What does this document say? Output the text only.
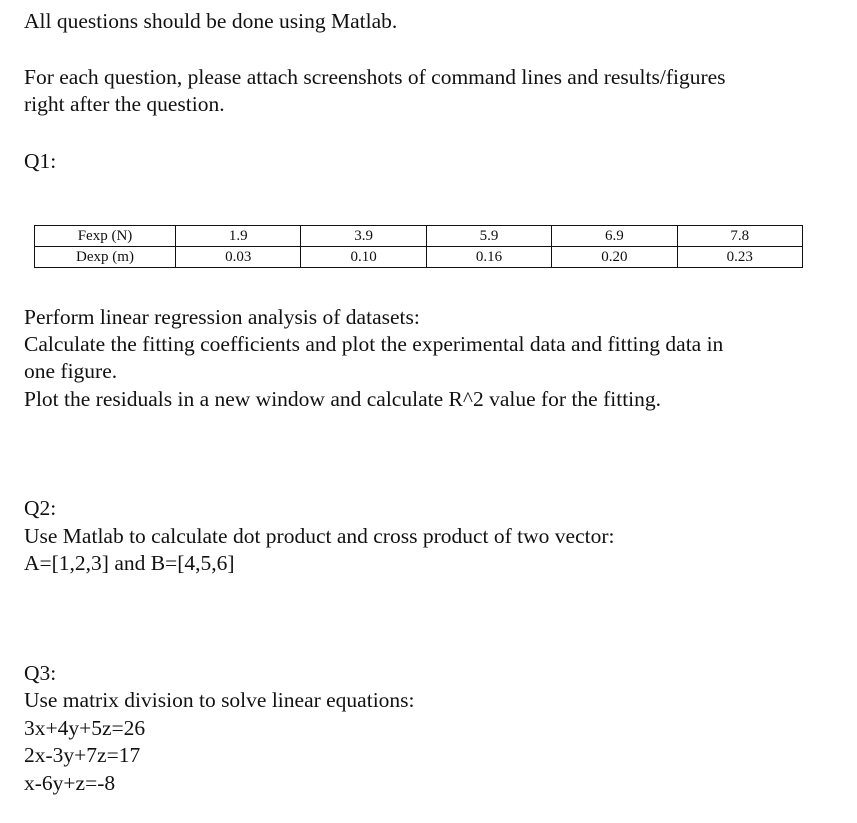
All questions should be done using Matlab.
For each question, please attach screenshots of command lines and results/figures
right after the question.
Q1:
Fexp (N)	1.9	3.9	5.9	6.9	7.8
Dexp (m)	0.03	0.10	0.16	0.20	0.23
Perform linear regression analysis of datasets:
Calculate the fitting coefficients and plot the experimental data and fitting data in
one figure.
Plot the residuals in a new window and calculate R^2 value for the fitting.
Q2:
Use Matlab to calculate dot product and cross product of two vector:
A=[1,2,3] and B=[4,5,6]
Q3:
Use matrix division to solve linear equations:
3x+4y+5z=26
2x-3y+7z=17
x-6y+z=-8
